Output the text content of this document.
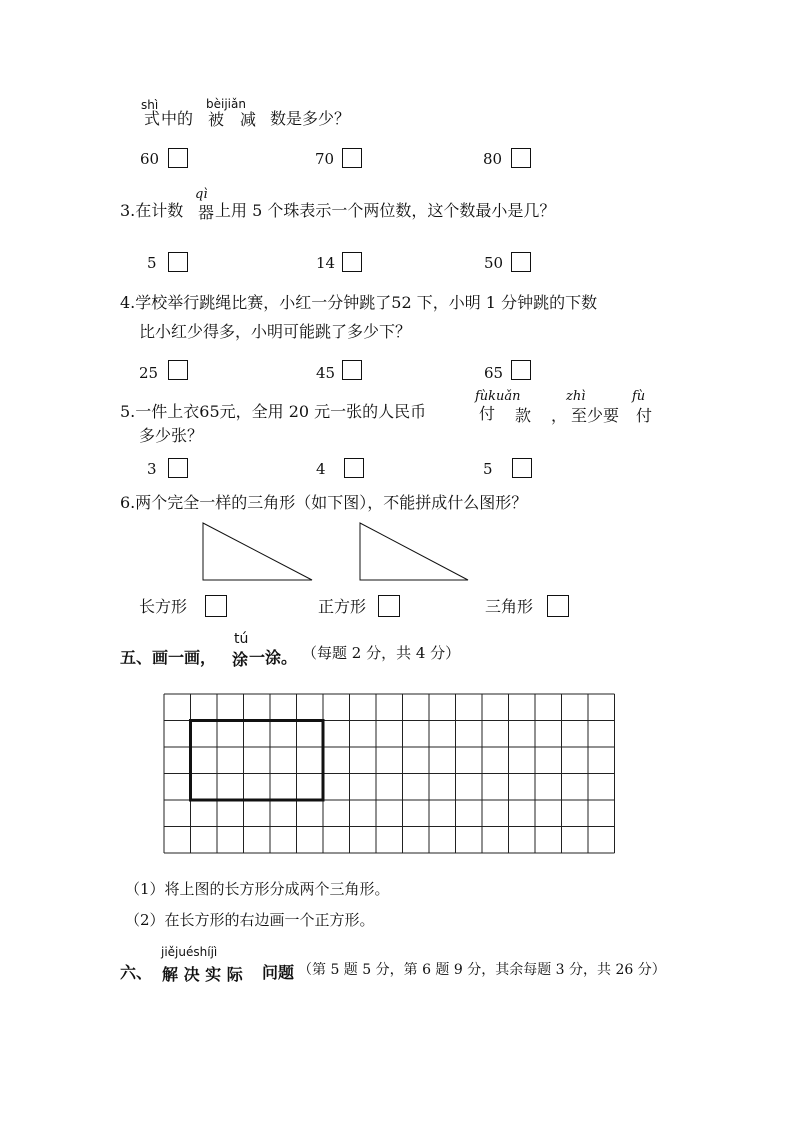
shì	bèijiǎn
式 中的 被 减 数是多少？
60	70	80
qì
3.在计数 器 上用 5 个珠表示一个两位数，这个数最小是几？
5	14	50
4.学校举行跳绳比赛，小红一分钟跳了52 下，小明 1 分钟跳的下数
比小红少得多，小明可能跳了多少下？
25	45	65
fùkuǎn	zhì	fù
5.一件上衣65元，全用 20 元一张的人民币	付 款 ， 至少要 付
多少张？
3	4	5
6.两个完全一样的三角形（如下图），不能拼成什么图形？
长方形	正方形	三角形
tú
五、画一画， 涂 一涂。 （每题 2 分，共 4 分）
（1）将上图的长方形分成两个三角形。
（2）在长方形的右边画一个正方形。
jiějuéshíjì
六、 解 决 实 际 问题 （第 5 题 5 分，第 6 题 9 分，其余每题 3 分，共 26 分）
